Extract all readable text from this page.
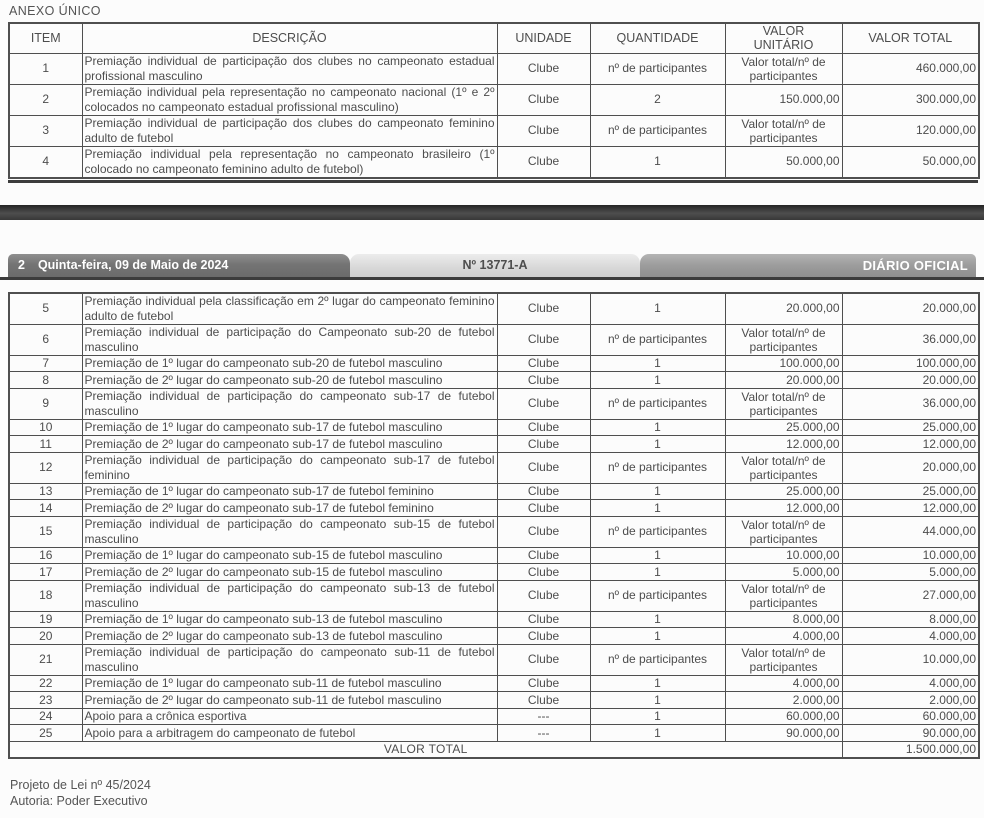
ANEXO ÚNICO
ITEM	DESCRIÇÃO	UNIDADE	QUANTIDADE	VALOR UNITÁRIO	VALOR TOTAL
1	Premiação individual de participação dos clubes no campeonato estadual profissional masculino	Clube	nº de participantes	Valor total/nº de participantes	460.000,00
2	Premiação individual pela representação no campeonato nacional (1º e 2º colocados no campeonato estadual profissional masculino)	Clube	2	150.000,00	300.000,00
3	Premiação individual de participação dos clubes do campeonato feminino adulto de futebol	Clube	nº de participantes	Valor total/nº de participantes	120.000,00
4	Premiação individual pela representação no campeonato brasileiro (1º colocado no campeonato feminino adulto de futebol)	Clube	1	50.000,00	50.000,00
2 Quinta-feira, 09 de Maio de 2024	Nº 13771-A	DIÁRIO OFICIAL
5	Premiação individual pela classificação em 2º lugar do campeonato feminino adulto de futebol	Clube	1	20.000,00	20.000,00
6	Premiação individual de participação do Campeonato sub-20 de futebol masculino	Clube	nº de participantes	Valor total/nº de participantes	36.000,00
7	Premiação de 1º lugar do campeonato sub-20 de futebol masculino	Clube	1	100.000,00	100.000,00
8	Premiação de 2º lugar do campeonato sub-20 de futebol masculino	Clube	1	20.000,00	20.000,00
9	Premiação individual de participação do campeonato sub-17 de futebol masculino	Clube	nº de participantes	Valor total/nº de participantes	36.000,00
10	Premiação de 1º lugar do campeonato sub-17 de futebol masculino	Clube	1	25.000,00	25.000,00
11	Premiação de 2º lugar do campeonato sub-17 de futebol masculino	Clube	1	12.000,00	12.000,00
12	Premiação individual de participação do campeonato sub-17 de futebol feminino	Clube	nº de participantes	Valor total/nº de participantes	20.000,00
13	Premiação de 1º lugar do campeonato sub-17 de futebol feminino	Clube	1	25.000,00	25.000,00
14	Premiação de 2º lugar do campeonato sub-17 de futebol feminino	Clube	1	12.000,00	12.000,00
15	Premiação individual de participação do campeonato sub-15 de futebol masculino	Clube	nº de participantes	Valor total/nº de participantes	44.000,00
16	Premiação de 1º lugar do campeonato sub-15 de futebol masculino	Clube	1	10.000,00	10.000,00
17	Premiação de 2º lugar do campeonato sub-15 de futebol masculino	Clube	1	5.000,00	5.000,00
18	Premiação individual de participação do campeonato sub-13 de futebol masculino	Clube	nº de participantes	Valor total/nº de participantes	27.000,00
19	Premiação de 1º lugar do campeonato sub-13 de futebol masculino	Clube	1	8.000,00	8.000,00
20	Premiação de 2º lugar do campeonato sub-13 de futebol masculino	Clube	1	4.000,00	4.000,00
21	Premiação individual de participação do campeonato sub-11 de futebol masculino	Clube	nº de participantes	Valor total/nº de participantes	10.000,00
22	Premiação de 1º lugar do campeonato sub-11 de futebol masculino	Clube	1	4.000,00	4.000,00
23	Premiação de 2º lugar do campeonato sub-11 de futebol masculino	Clube	1	2.000,00	2.000,00
24	Apoio para a crônica esportiva	---	1	60.000,00	60.000,00
25	Apoio para a arbitragem do campeonato de futebol	---	1	90.000,00	90.000,00
VALOR TOTAL					1.500.000,00
Projeto de Lei nº 45/2024
Autoria: Poder Executivo
